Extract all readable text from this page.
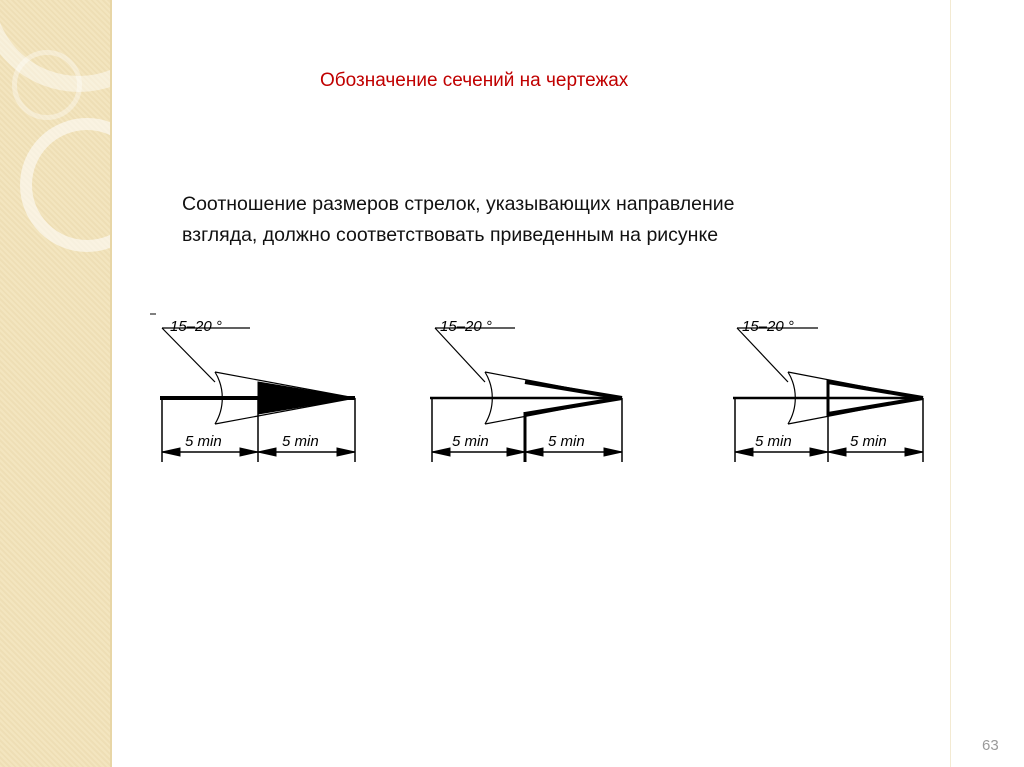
Обозначение сечений на чертежах
Соотношение размеров стрелок, указывающих направление
взгляда, должно соответствовать приведенным на рисунке
15–20 °
5 min	5 min
15–20 °
5 min	5 min
15–20 °
5 min	5 min
63
